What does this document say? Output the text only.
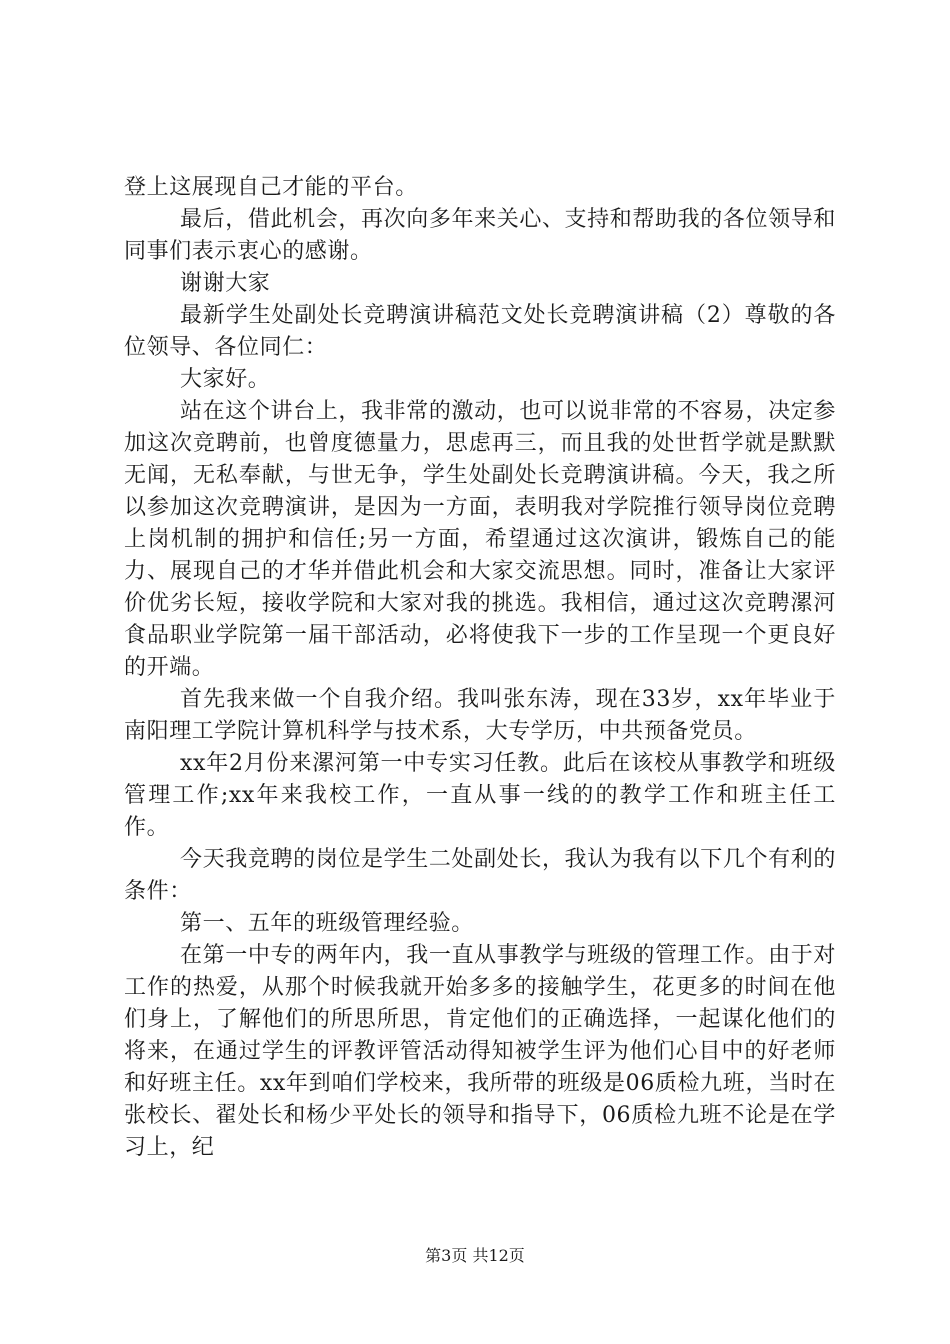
登上这展现自己才能的平台。

最后，借此机会，再次向多年来关心、支持和帮助我的各位领导和同事们表示衷心的感谢。

谢谢大家

最新学生处副处长竞聘演讲稿范文处长竞聘演讲稿（2）尊敬的各位领导、各位同仁：

大家好。

站在这个讲台上，我非常的激动，也可以说非常的不容易，决定参加这次竞聘前，也曾度德量力，思虑再三，而且我的处世哲学就是默默无闻，无私奉献，与世无争，学生处副处长竞聘演讲稿。今天，我之所以参加这次竞聘演讲，是因为一方面，表明我对学院推行领导岗位竞聘上岗机制的拥护和信任;另一方面，希望通过这次演讲，锻炼自己的能力、展现自己的才华并借此机会和大家交流思想。同时，准备让大家评价优劣长短，接收学院和大家对我的挑选。我相信，通过这次竞聘漯河食品职业学院第一届干部活动，必将使我下一步的工作呈现一个更良好的开端。

首先我来做一个自我介绍。我叫张东涛，现在33岁，xx年毕业于南阳理工学院计算机科学与技术系，大专学历，中共预备党员。

xx年2月份来漯河第一中专实习任教。此后在该校从事教学和班级管理工作;xx年来我校工作，一直从事一线的的教学工作和班主任工作。

今天我竞聘的岗位是学生二处副处长，我认为我有以下几个有利的条件：

第一、五年的班级管理经验。

在第一中专的两年内，我一直从事教学与班级的管理工作。由于对工作的热爱，从那个时候我就开始多多的接触学生，花更多的时间在他们身上，了解他们的所思所思，肯定他们的正确选择，一起谋化他们的将来，在通过学生的评教评管活动得知被学生评为他们心目中的好老师和好班主任。xx年到咱们学校来，我所带的班级是06质检九班，当时在张校长、翟处长和杨少平处长的领导和指导下，06质检九班不论是在学习上，纪

第3页 共12页
